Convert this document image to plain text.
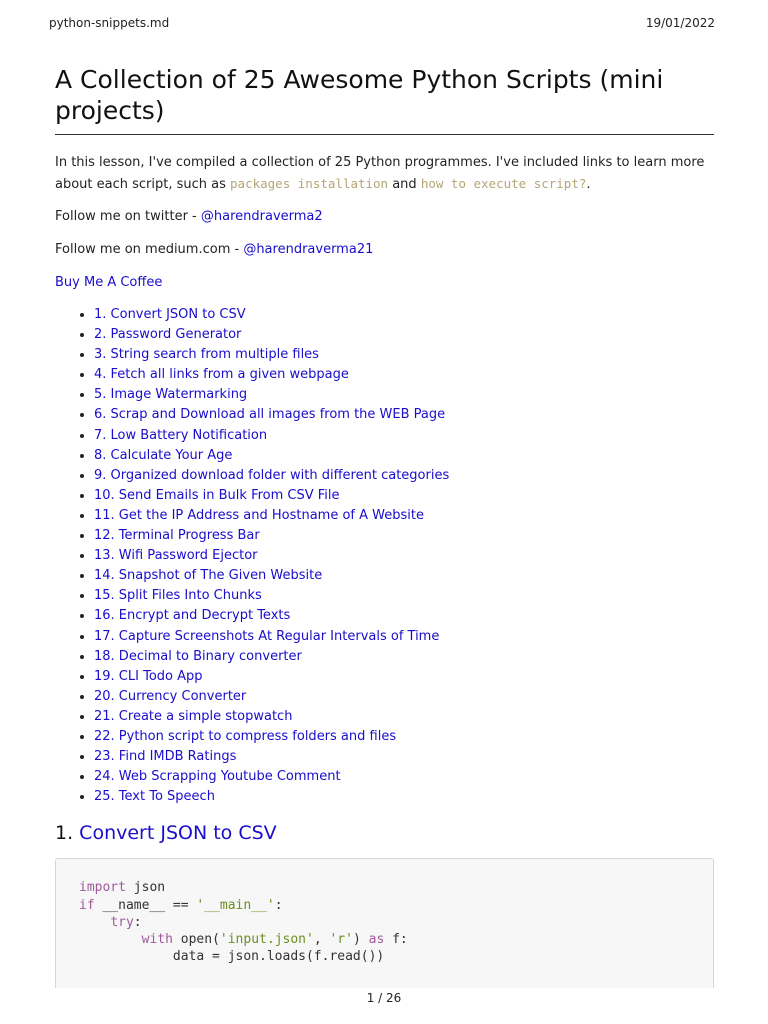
python-snippets.md	19/01/2022
A Collection of 25 Awesome Python Scripts (mini projects)

In this lesson, I've compiled a collection of 25 Python programmes. I've included links to learn more about each script, such as packages installation and how to execute script?.

Follow me on twitter - @harendraverma2

Follow me on medium.com - @harendraverma21

Buy Me A Coffee

• 1. Convert JSON to CSV
• 2. Password Generator
• 3. String search from multiple files
• 4. Fetch all links from a given webpage
• 5. Image Watermarking
• 6. Scrap and Download all images from the WEB Page
• 7. Low Battery Notification
• 8. Calculate Your Age
• 9. Organized download folder with different categories
• 10. Send Emails in Bulk From CSV File
• 11. Get the IP Address and Hostname of A Website
• 12. Terminal Progress Bar
• 13. Wifi Password Ejector
• 14. Snapshot of The Given Website
• 15. Split Files Into Chunks
• 16. Encrypt and Decrypt Texts
• 17. Capture Screenshots At Regular Intervals of Time
• 18. Decimal to Binary converter
• 19. CLI Todo App
• 20. Currency Converter
• 21. Create a simple stopwatch
• 22. Python script to compress folders and files
• 23. Find IMDB Ratings
• 24. Web Scrapping Youtube Comment
• 25. Text To Speech
1. Convert JSON to CSV
import json
if __name__ == '__main__':
try:
with open('input.json', 'r') as f:
data = json.loads(f.read())
1 / 26
